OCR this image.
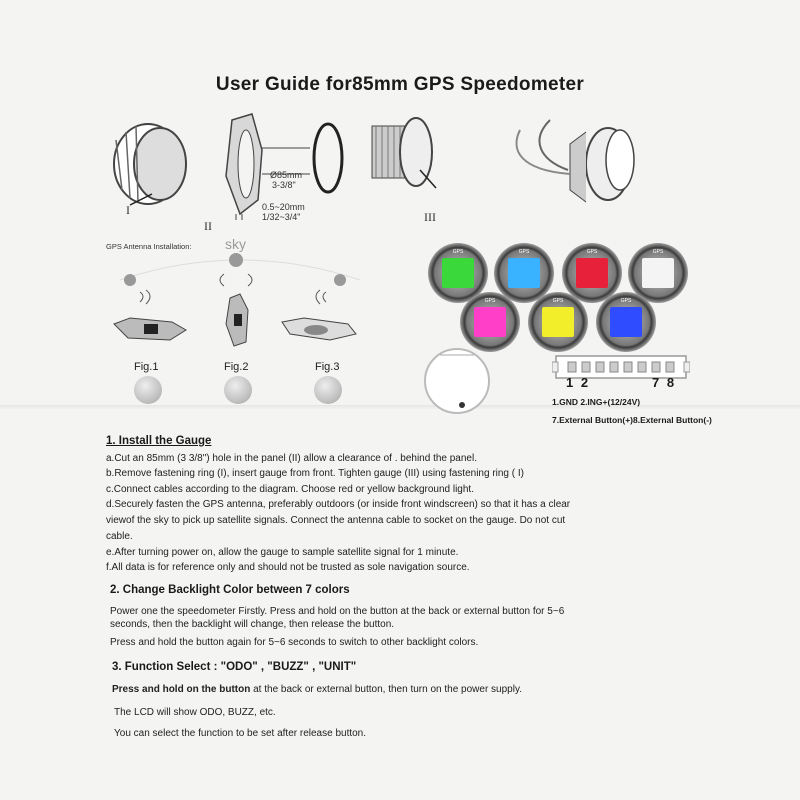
User Guide for85mm GPS Speedometer
I
II
III
Ø85mm
3-3/8"
0.5~20mm
1/32~3/4"
GPS Antenna Installation: sky
Fig.1	Fig.2	Fig.3
GPS	GPS	GPS	GPS
GPS	GPS	GPS
1 2	7 8
1.GND 2.ING+(12/24V)
7.External Button(+)8.External Button(-)
1. Install the Gauge

a.Cut an 85mm (3 3/8") hole in the panel (II) allow a clearance of . behind the panel.

b.Remove fastening ring (I), insert gauge from front. Tighten gauge (III) using fastening ring ( I)

c.Connect cables according to the diagram. Choose red or yellow background light.

d.Securely fasten the GPS antenna, preferably outdoors (or inside front windscreen) so that it has a clear

viewof the sky to pick up satellite signals. Connect the antenna cable to socket on the gauge. Do not cut

cable.

e.After turning power on, allow the gauge to sample satellite signal for 1 minute.

f.All data is for reference only and should not be trusted as sole navigation source.

2. Change Backlight Color between 7 colors

Power one the speedometer Firstly. Press and hold on the button at the back or external button for 5~6

seconds, then the backlight will change, then release the button.

Press and hold the button again for 5~6 seconds to switch to other backlight colors.

3. Function Select : "ODO" , "BUZZ" , "UNIT"

Press and hold on the button at the back or external button, then turn on the power supply.

The LCD will show ODO, BUZZ, etc.

You can select the function to be set after release button.
